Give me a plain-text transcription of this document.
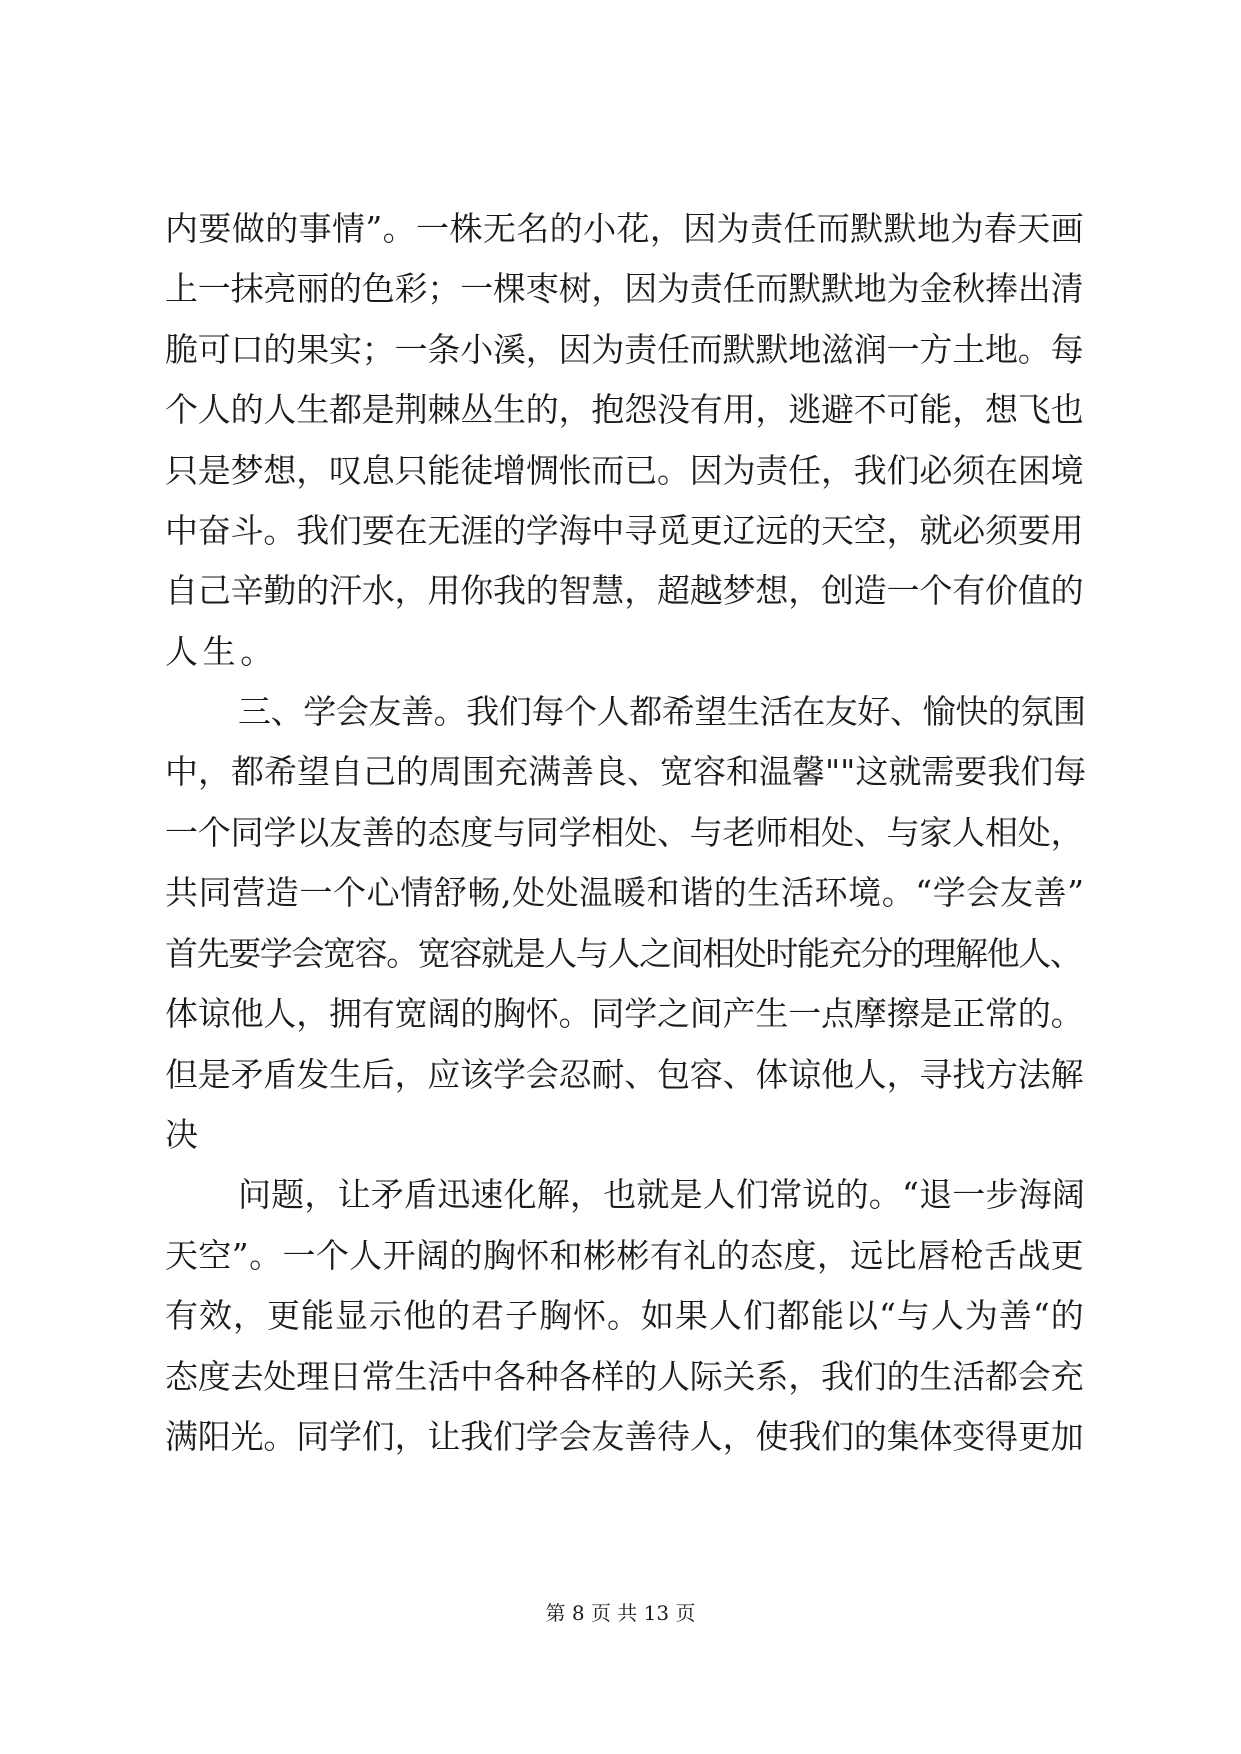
内要做的事情”。一株无名的小花，因为责任而默默地为春天画
上一抹亮丽的色彩；一棵枣树，因为责任而默默地为金秋捧出清
脆可口的果实；一条小溪，因为责任而默默地滋润一方土地。每
个人的人生都是荆棘丛生的，抱怨没有用，逃避不可能，想飞也
只是梦想，叹息只能徒增惆怅而已。因为责任，我们必须在困境
中奋斗。我们要在无涯的学海中寻觅更辽远的天空，就必须要用
自己辛勤的汗水，用你我的智慧，超越梦想，创造一个有价值的
人生。
三、学会友善。我们每个人都希望生活在友好、愉快的氛围
中，都希望自己的周围充满善良、宽容和温馨""这就需要我们每
一个同学以友善的态度与同学相处、与老师相处、与家人相处，
共同营造一个心情舒畅,处处温暖和谐的生活环境。“学会友善”
首先要学会宽容。宽容就是人与人之间相处时能充分的理解他人、
体谅他人，拥有宽阔的胸怀。同学之间产生一点摩擦是正常的。
但是矛盾发生后，应该学会忍耐、包容、体谅他人，寻找方法解
决
问题，让矛盾迅速化解，也就是人们常说的。“退一步海阔
天空”。一个人开阔的胸怀和彬彬有礼的态度，远比唇枪舌战更
有效，更能显示他的君子胸怀。如果人们都能以“与人为善“的
态度去处理日常生活中各种各样的人际关系，我们的生活都会充
满阳光。同学们，让我们学会友善待人，使我们的集体变得更加
第 8 页 共 13 页
